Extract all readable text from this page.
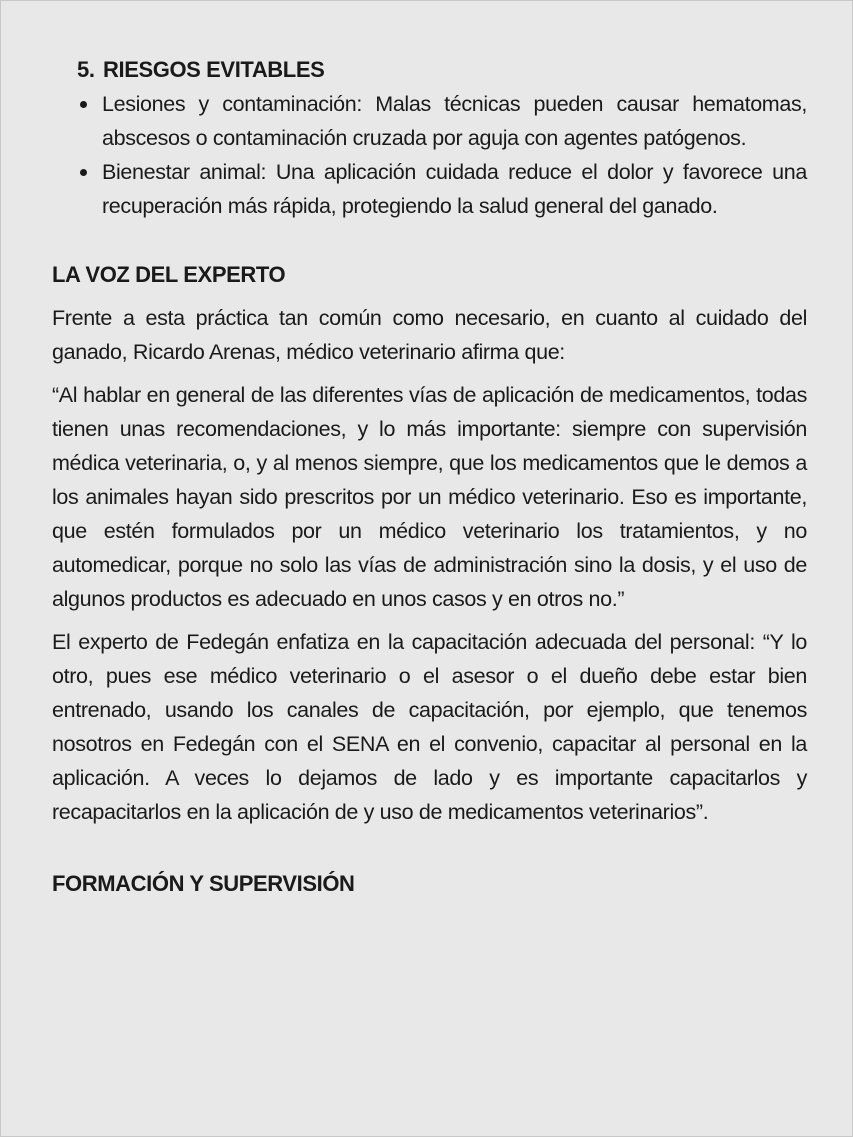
5. RIESGOS EVITABLES
Lesiones y contaminación: Malas técnicas pueden causar hematomas, abscesos o contaminación cruzada por aguja con agentes patógenos.
Bienestar animal: Una aplicación cuidada reduce el dolor y favorece una recuperación más rápida, protegiendo la salud general del ganado.
LA VOZ DEL EXPERTO

Frente a esta práctica tan común como necesario, en cuanto al cuidado del ganado, Ricardo Arenas, médico veterinario afirma que:

“Al hablar en general de las diferentes vías de aplicación de medicamentos, todas tienen unas recomendaciones, y lo más importante: siempre con supervisión médica veterinaria, o, y al menos siempre, que los medicamentos que le demos a los animales hayan sido prescritos por un médico veterinario. Eso es importante, que estén formulados por un médico veterinario los tratamientos, y no automedicar, porque no solo las vías de administración sino la dosis, y el uso de algunos productos es adecuado en unos casos y en otros no.”

El experto de Fedegán enfatiza en la capacitación adecuada del personal: “Y lo otro, pues ese médico veterinario o el asesor o el dueño debe estar bien entrenado, usando los canales de capacitación, por ejemplo, que tenemos nosotros en Fedegán con el SENA en el convenio, capacitar al personal en la aplicación. A veces lo dejamos de lado y es importante capacitarlos y recapacitarlos en la aplicación de y uso de medicamentos veterinarios”.

FORMACIÓN Y SUPERVISIÓN
